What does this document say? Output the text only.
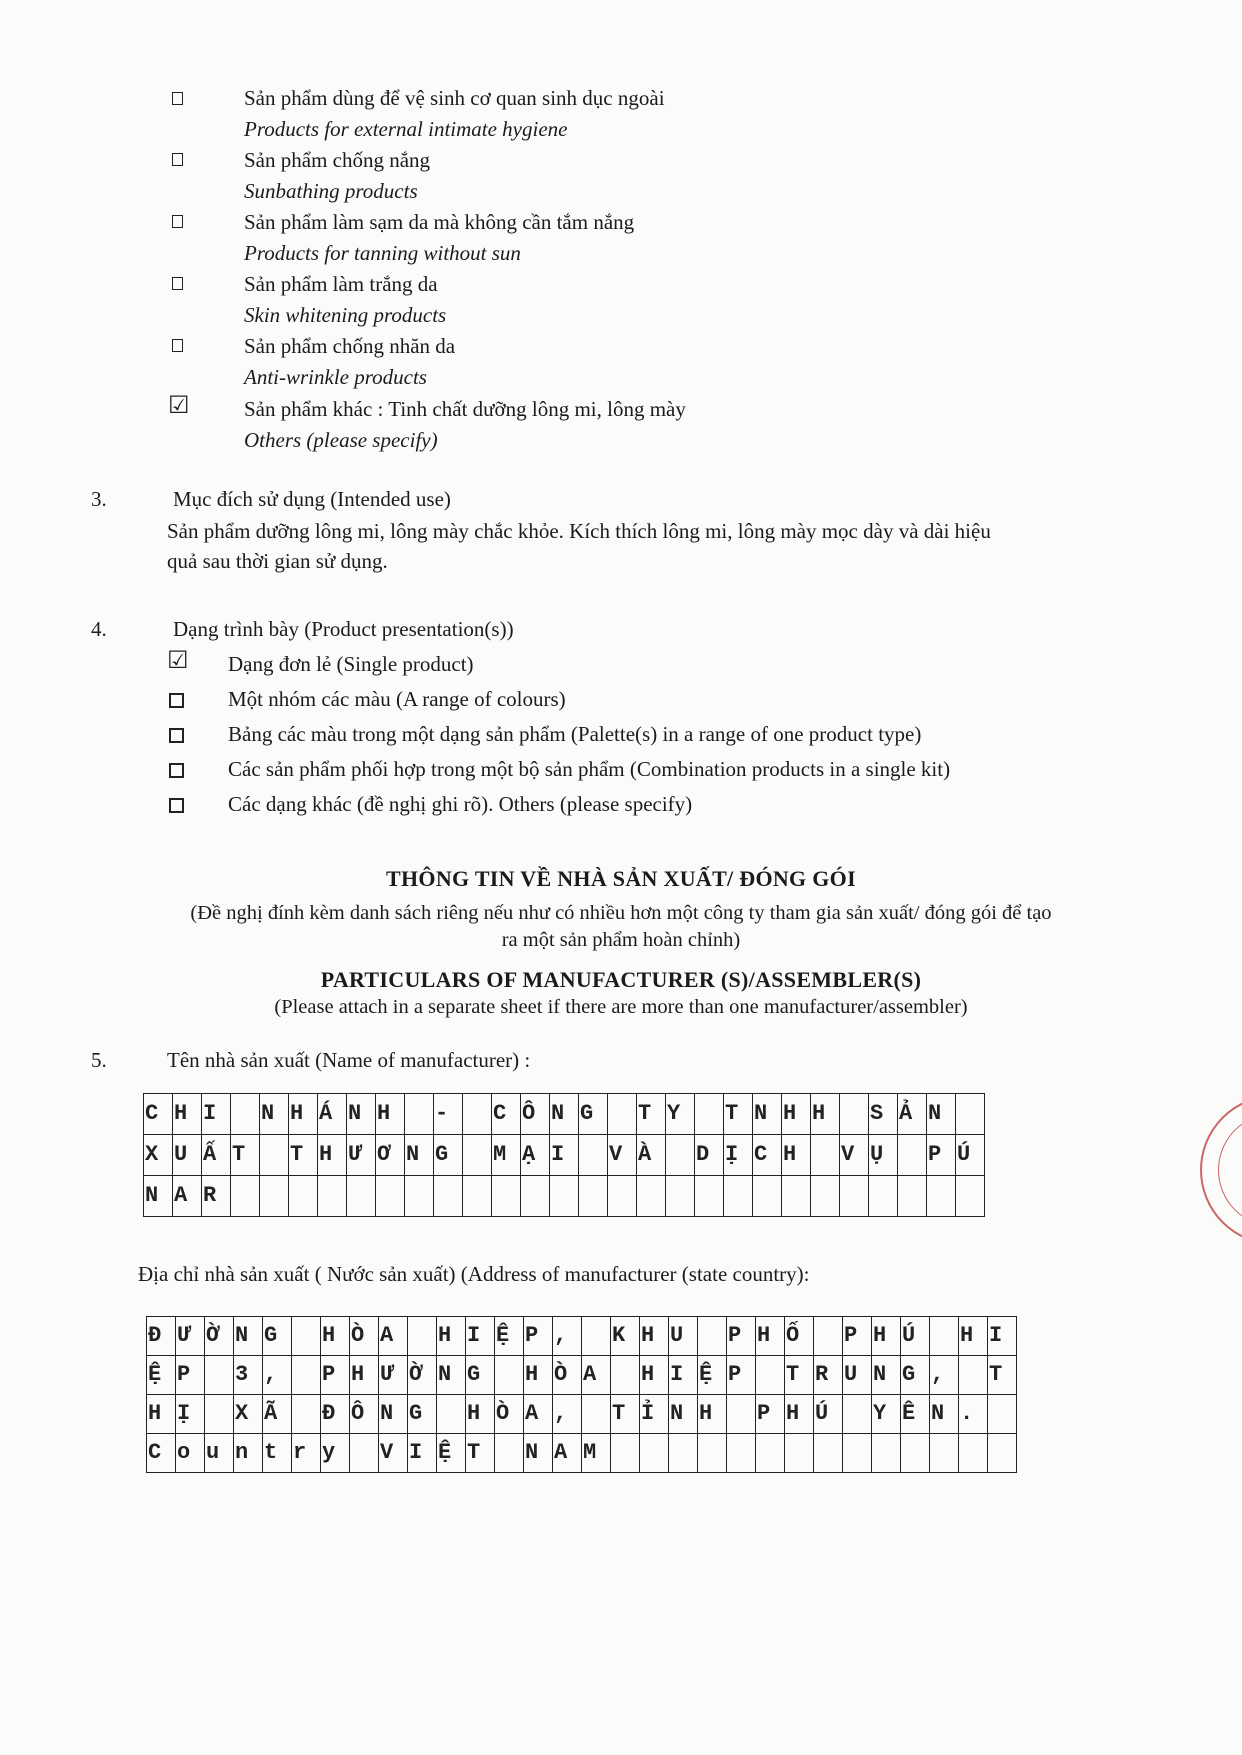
Sản phẩm dùng để vệ sinh cơ quan sinh dục ngoài
Products for external intimate hygiene
Sản phẩm chống nắng
Sunbathing products
Sản phẩm làm sạm da mà không cần tắm nắng
Products for tanning without sun
Sản phẩm làm trắng da
Skin whitening products
Sản phẩm chống nhăn da
Anti-wrinkle products
☑	Sản phẩm khác : Tinh chất dưỡng lông mi, lông mày
Others (please specify)
3.	Mục đích sử dụng (Intended use)
Sản phẩm dưỡng lông mi, lông mày chắc khỏe. Kích thích lông mi, lông mày mọc dày và dài hiệu
quả sau thời gian sử dụng.
4.	Dạng trình bày (Product presentation(s))
☑ Dạng đơn lẻ (Single product)
Một nhóm các màu (A range of colours)
Bảng các màu trong một dạng sản phẩm (Palette(s) in a range of one product type)
Các sản phẩm phối hợp trong một bộ sản phẩm (Combination products in a single kit)
Các dạng khác (đề nghị ghi rõ). Others (please specify)
THÔNG TIN VỀ NHÀ SẢN XUẤT/ ĐÓNG GÓI
(Đề nghị đính kèm danh sách riêng nếu như có nhiều hơn một công ty tham gia sản xuất/ đóng gói để tạo
ra một sản phẩm hoàn chỉnh)
PARTICULARS OF MANUFACTURER (S)/ASSEMBLER(S)
(Please attach in a separate sheet if there are more than one manufacturer/assembler)
5.	Tên nhà sản xuất (Name of manufacturer) :
C	H	I		N	H	Á	N	H		-		C	Ô	N	G		T	Y		T	N	H	H		S	Ả	N	

X	U	Ấ	T		T	H	Ư	Ơ	N	G		M	Ạ	I		V	À		D	Ị	C	H		V	Ụ		P	Ú

N	A	R																										

Địa chỉ nhà sản xuất ( Nước sản xuất) (Address of manufacturer (state country):
Đ	Ư	Ờ	N	G		H	Ò	A		H	I	Ệ	P	,		K	H	U		P	H	Ố		P	H	Ú		H	I

Ệ	P		3	,		P	H	Ư	Ờ	N	G		H	Ò	A		H	I	Ệ	P		T	R	U	N	G	,		T

H	Ị		X	Ã		Đ	Ô	N	G		H	Ò	A	,		T	Ỉ	N	H		P	H	Ú		Y	Ê	N	.	

C	o	u	n	t	r	y		V	I	Ệ	T		N	A	M														
